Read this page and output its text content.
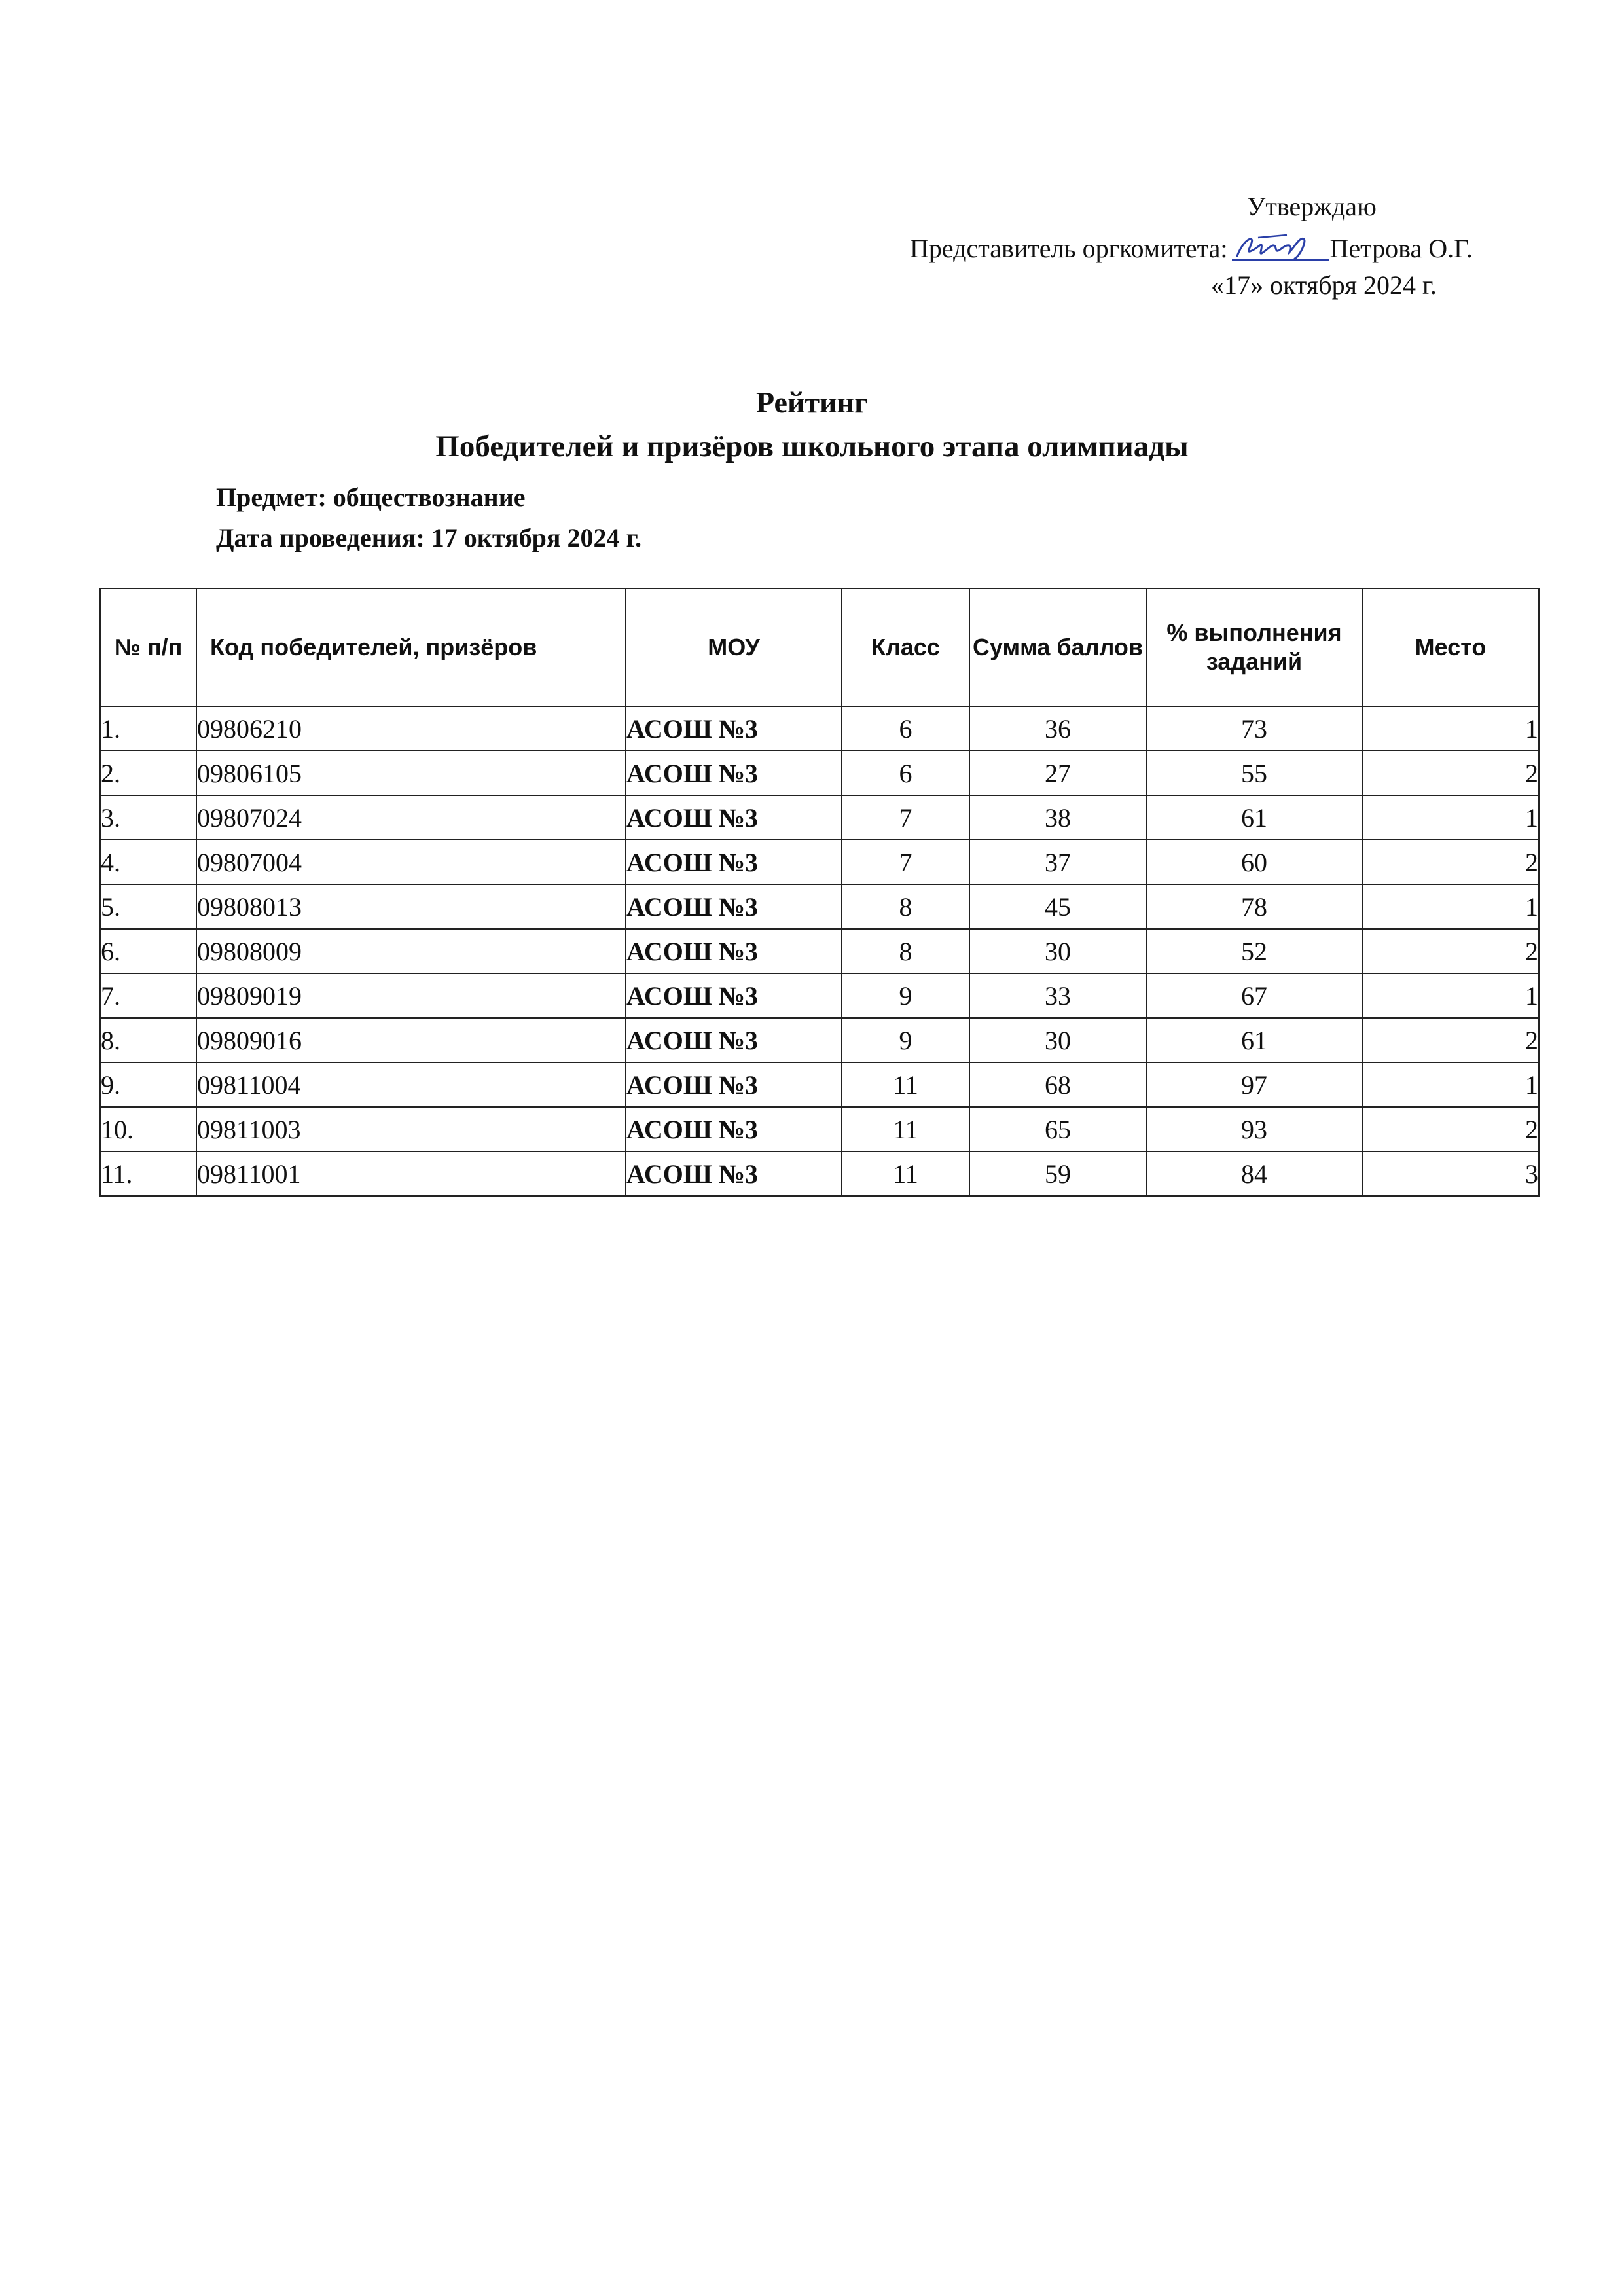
Утверждаю
Представитель оргкомитета:	Петрова О.Г.
«17» октября 2024 г.
Рейтинг
Победителей и призёров школьного этапа олимпиады
Предмет: обществознание
Дата проведения: 17 октября 2024 г.
№ п/п	Код победителей, призёров	МОУ	Класс	Сумма баллов	% выполнения заданий	Место
1.	09806210	АСОШ №3	6	36	73	1
2.	09806105	АСОШ №3	6	27	55	2
3.	09807024	АСОШ №3	7	38	61	1
4.	09807004	АСОШ №3	7	37	60	2
5.	09808013	АСОШ №3	8	45	78	1
6.	09808009	АСОШ №3	8	30	52	2
7.	09809019	АСОШ №3	9	33	67	1
8.	09809016	АСОШ №3	9	30	61	2
9.	09811004	АСОШ №3	11	68	97	1
10.	09811003	АСОШ №3	11	65	93	2
11.	09811001	АСОШ №3	11	59	84	3
